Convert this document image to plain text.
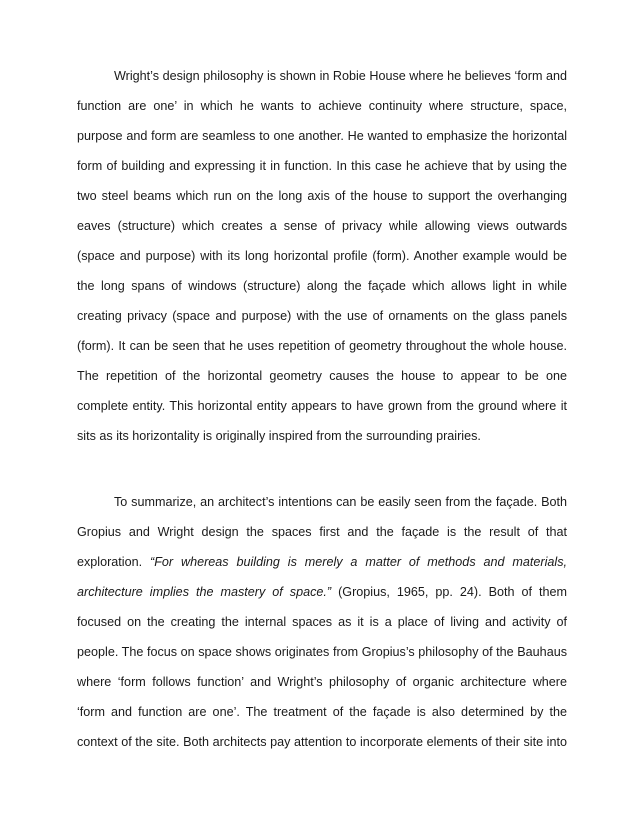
Wright’s design philosophy is shown in Robie House where he believes ‘form and
function are one’ in which he wants to achieve continuity where structure, space,
purpose and form are seamless to one another. He wanted to emphasize the horizontal
form of building and expressing it in function. In this case he achieve that by using the
two steel beams which run on the long axis of the house to support the overhanging
eaves (structure) which creates a sense of privacy while allowing views outwards
(space and purpose) with its long horizontal profile (form). Another example would be
the long spans of windows (structure) along the façade which allows light in while
creating privacy (space and purpose) with the use of ornaments on the glass panels
(form). It can be seen that he uses repetition of geometry throughout the whole house.
The repetition of the horizontal geometry causes the house to appear to be one
complete entity. This horizontal entity appears to have grown from the ground where it
sits as its horizontality is originally inspired from the surrounding prairies.
To summarize, an architect’s intentions can be easily seen from the façade. Both
Gropius and Wright design the spaces first and the façade is the result of that
exploration. “For whereas building is merely a matter of methods and materials,
architecture implies the mastery of space.” (Gropius, 1965, pp. 24). Both of them
focused on the creating the internal spaces as it is a place of living and activity of
people. The focus on space shows originates from Gropius’s philosophy of the Bauhaus
where ‘form follows function’ and Wright’s philosophy of organic architecture where
‘form and function are one’. The treatment of the façade is also determined by the
context of the site. Both architects pay attention to incorporate elements of their site into
